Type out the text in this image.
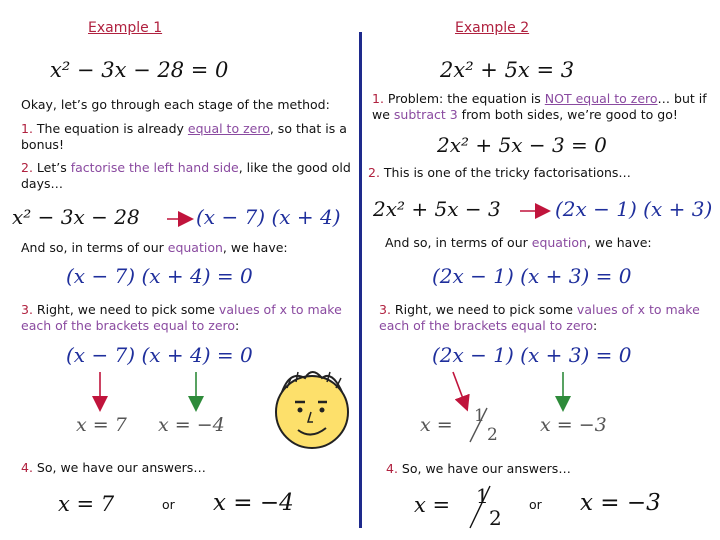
Example 1
x² − 3x − 28 = 0
Okay, let’s go through each stage of the method:
1. The equation is already equal to zero, so that is a bonus!
2. Let’s factorise the left hand side, like the good old days…
x² − 3x − 28	(x − 7) (x + 4)
And so, in terms of our equation, we have:
(x − 7) (x + 4) = 0
3. Right, we need to pick some values of x to make each of the brackets equal to zero:
(x − 7) (x + 4) = 0
x = 7 x = −4
4. So, we have our answers…
x = 7	or x = −4
Example 2
2x² + 5x = 3
1. Problem: the equation is NOT equal to zero… but if we subtract 3 from both sides, we’re good to go!
2x² + 5x − 3 = 0
2. This is one of the tricky factorisations…
2x² + 5x − 3	(2x − 1) (x + 3)
And so, in terms of our equation, we have:
(2x − 1) (x + 3) = 0
3. Right, we need to pick some values of x to make each of the brackets equal to zero:
(2x − 1) (x + 3) = 0
x = 1
2 x = −3
4. So, we have our answers…
x = 1
2
or x = −3
